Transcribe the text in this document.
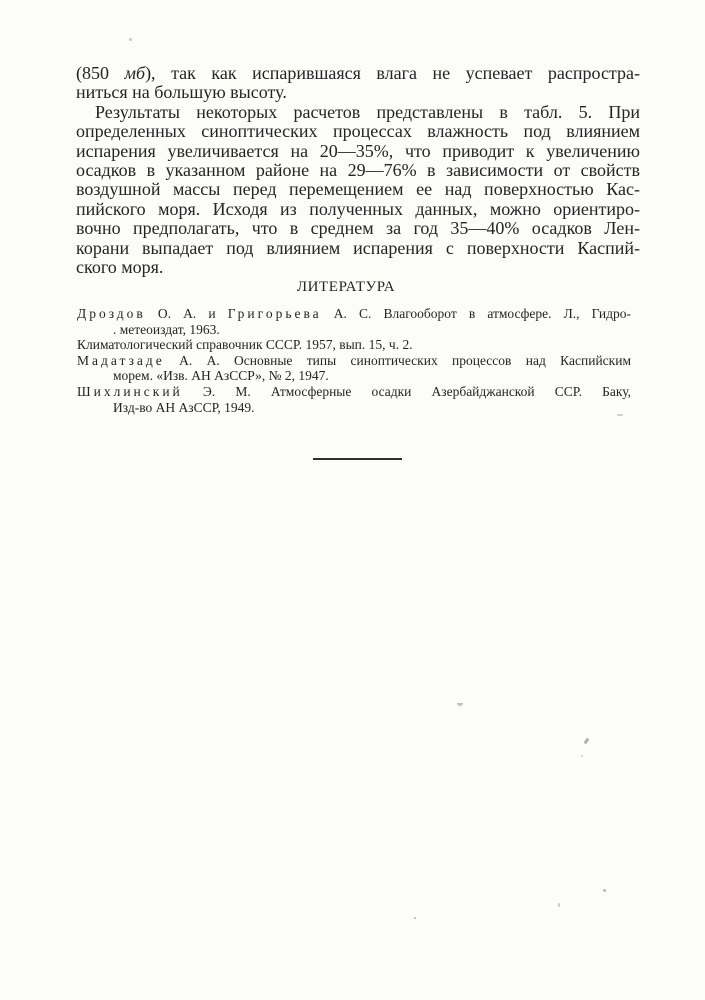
(850 мб), так как испарившаяся влага не успевает распростра-
ниться на большую высоту.
Результаты некоторых расчетов представлены в табл. 5. При
определенных синоптических процессах влажность под влиянием
испарения увеличивается на 20—35%, что приводит к увеличению
осадков в указанном районе на 29—76% в зависимости от свойств
воздушной массы перед перемещением ее над поверхностью Кас-
пийского моря. Исходя из полученных данных, можно ориентиро-
вочно предполагать, что в среднем за год 35—40% осадков Лен-
корани выпадает под влиянием испарения с поверхности Каспий-
ского моря.
ЛИТЕРАТУРА
Дроздов О. А. и Григорьева А. С. Влагооборот в атмосфере. Л., Гидро-
. метеоиздат, 1963.
Климатологический справочник СССР. 1957, вып. 15, ч. 2.
Мадатзаде А. А. Основные типы синоптических процессов над Каспийским
морем. «Изв. АН АзССР», № 2, 1947.
Шихлинский Э. М. Атмосферные осадки Азербайджанской ССР. Баку,
Изд-во АН АзССР, 1949.
